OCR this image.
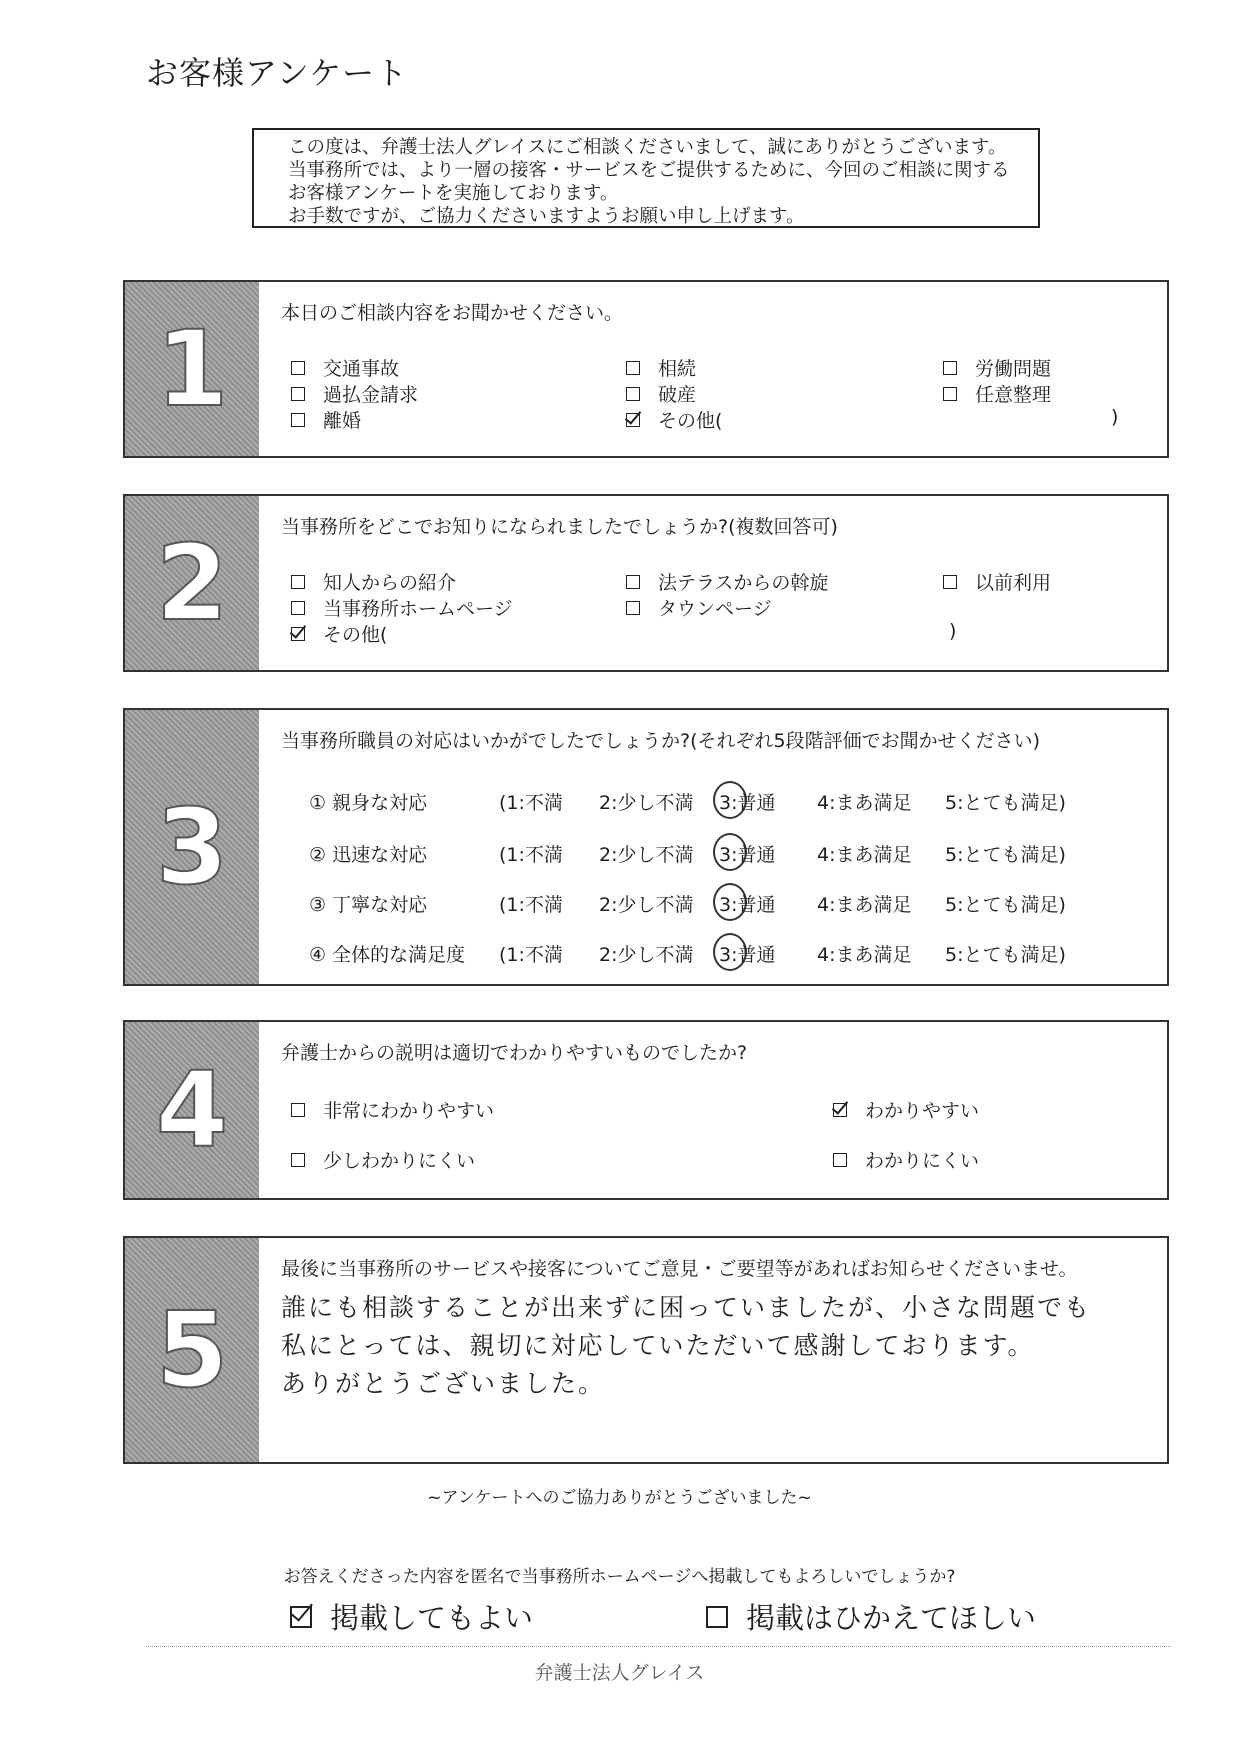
お客様アンケート
この度は、弁護士法人グレイスにご相談くださいまして、誠にありがとうございます。
当事務所では、より一層の接客・サービスをご提供するために、今回のご相談に関する
お客様アンケートを実施しております。
お手数ですが、ご協力くださいますようお願い申し上げます。
1	本日のご相談内容をお聞かせください。
交通事故
過払金請求
離婚
相続
破産
その他(
労働問題
任意整理
)
2	当事務所をどこでお知りになられましたでしょうか?(複数回答可)
知人からの紹介
当事務所ホームページ
その他(
法テラスからの斡旋
タウンページ
以前利用
)
3
当事務所職員の対応はいかがでしたでしょうか?(それぞれ5段階評価でお聞かせください)
① 親身な対応	(1:不満 2:少し不満 3:普通 4:まあ満足 5:とても満足)
② 迅速な対応	(1:不満 2:少し不満 3:普通 4:まあ満足 5:とても満足)
③ 丁寧な対応	(1:不満 2:少し不満 3:普通 4:まあ満足 5:とても満足)
④ 全体的な満足度 (1:不満 2:少し不満 3:普通 4:まあ満足 5:とても満足)
4	弁護士からの説明は適切でわかりやすいものでしたか?
非常にわかりやすい
少しわかりにくい
わかりやすい
わかりにくい
5
最後に当事務所のサービスや接客についてご意見・ご要望等があればお知らせくださいませ。
誰にも相談することが出来ずに困っていましたが、小さな問題でも
私にとっては、親切に対応していただいて感謝しております。
ありがとうございました。
~アンケートへのご協力ありがとうございました~
お答えくださった内容を匿名で当事務所ホームページへ掲載してもよろしいでしょうか?
掲載してもよい	掲載はひかえてほしい
弁護士法人グレイス
